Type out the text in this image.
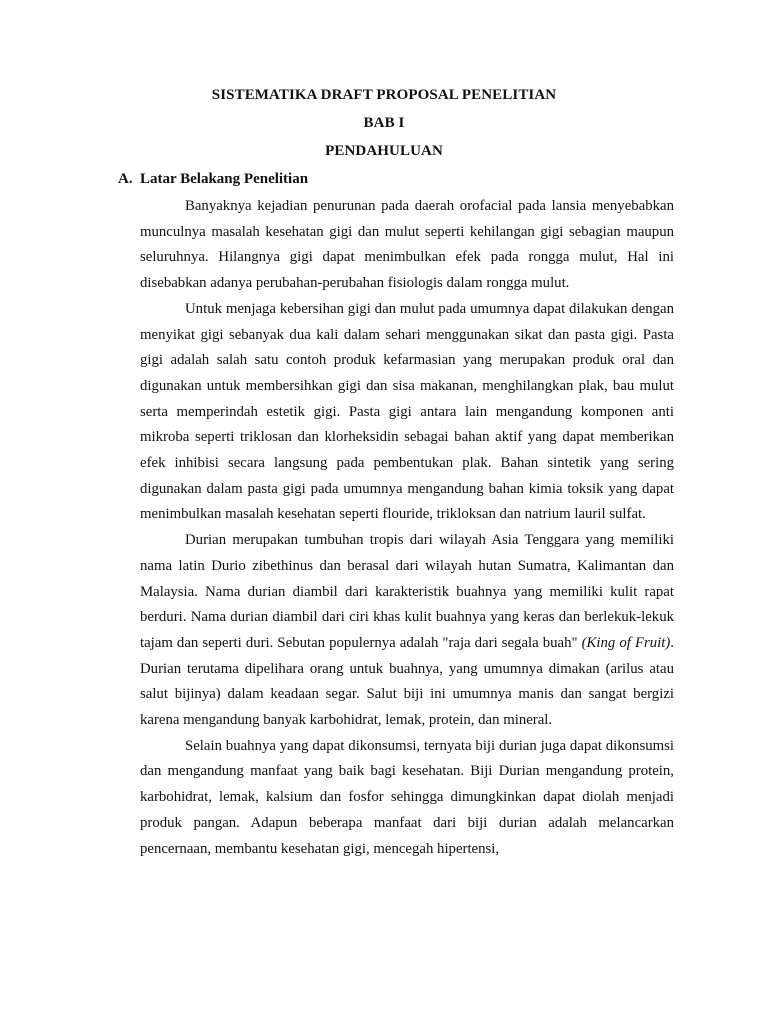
SISTEMATIKA DRAFT PROPOSAL PENELITIAN
BAB I
PENDAHULUAN
A. Latar Belakang Penelitian

Banyaknya kejadian penurunan pada daerah orofacial pada lansia menyebabkan munculnya masalah kesehatan gigi dan mulut seperti kehilangan gigi sebagian maupun seluruhnya. Hilangnya gigi dapat menimbulkan efek pada rongga mulut, Hal ini disebabkan adanya perubahan-perubahan fisiologis dalam rongga mulut.

Untuk menjaga kebersihan gigi dan mulut pada umumnya dapat dilakukan dengan menyikat gigi sebanyak dua kali dalam sehari menggunakan sikat dan pasta gigi. Pasta gigi adalah salah satu contoh produk kefarmasian yang merupakan produk oral dan digunakan untuk membersihkan gigi dan sisa makanan, menghilangkan plak, bau mulut serta memperindah estetik gigi. Pasta gigi antara lain mengandung komponen anti mikroba seperti triklosan dan klorheksidin sebagai bahan aktif yang dapat memberikan efek inhibisi secara langsung pada pembentukan plak. Bahan sintetik yang sering digunakan dalam pasta gigi pada umumnya mengandung bahan kimia toksik yang dapat menimbulkan masalah kesehatan seperti flouride, trikloksan dan natrium lauril sulfat.

Durian merupakan tumbuhan tropis dari wilayah Asia Tenggara yang memiliki nama latin Durio zibethinus dan berasal dari wilayah hutan Sumatra, Kalimantan dan Malaysia. Nama durian diambil dari karakteristik buahnya yang memiliki kulit rapat berduri. Nama durian diambil dari ciri khas kulit buahnya yang keras dan berlekuk-lekuk tajam dan seperti duri. Sebutan populernya adalah "raja dari segala buah" (King of Fruit). Durian terutama dipelihara orang untuk buahnya, yang umumnya dimakan (arilus atau salut bijinya) dalam keadaan segar. Salut biji ini umumnya manis dan sangat bergizi karena mengandung banyak karbohidrat, lemak, protein, dan mineral.

Selain buahnya yang dapat dikonsumsi, ternyata biji durian juga dapat dikonsumsi dan mengandung manfaat yang baik bagi kesehatan. Biji Durian mengandung protein, karbohidrat, lemak, kalsium dan fosfor sehingga dimungkinkan dapat diolah menjadi produk pangan. Adapun beberapa manfaat dari biji durian adalah melancarkan pencernaan, membantu kesehatan gigi, mencegah hipertensi,
